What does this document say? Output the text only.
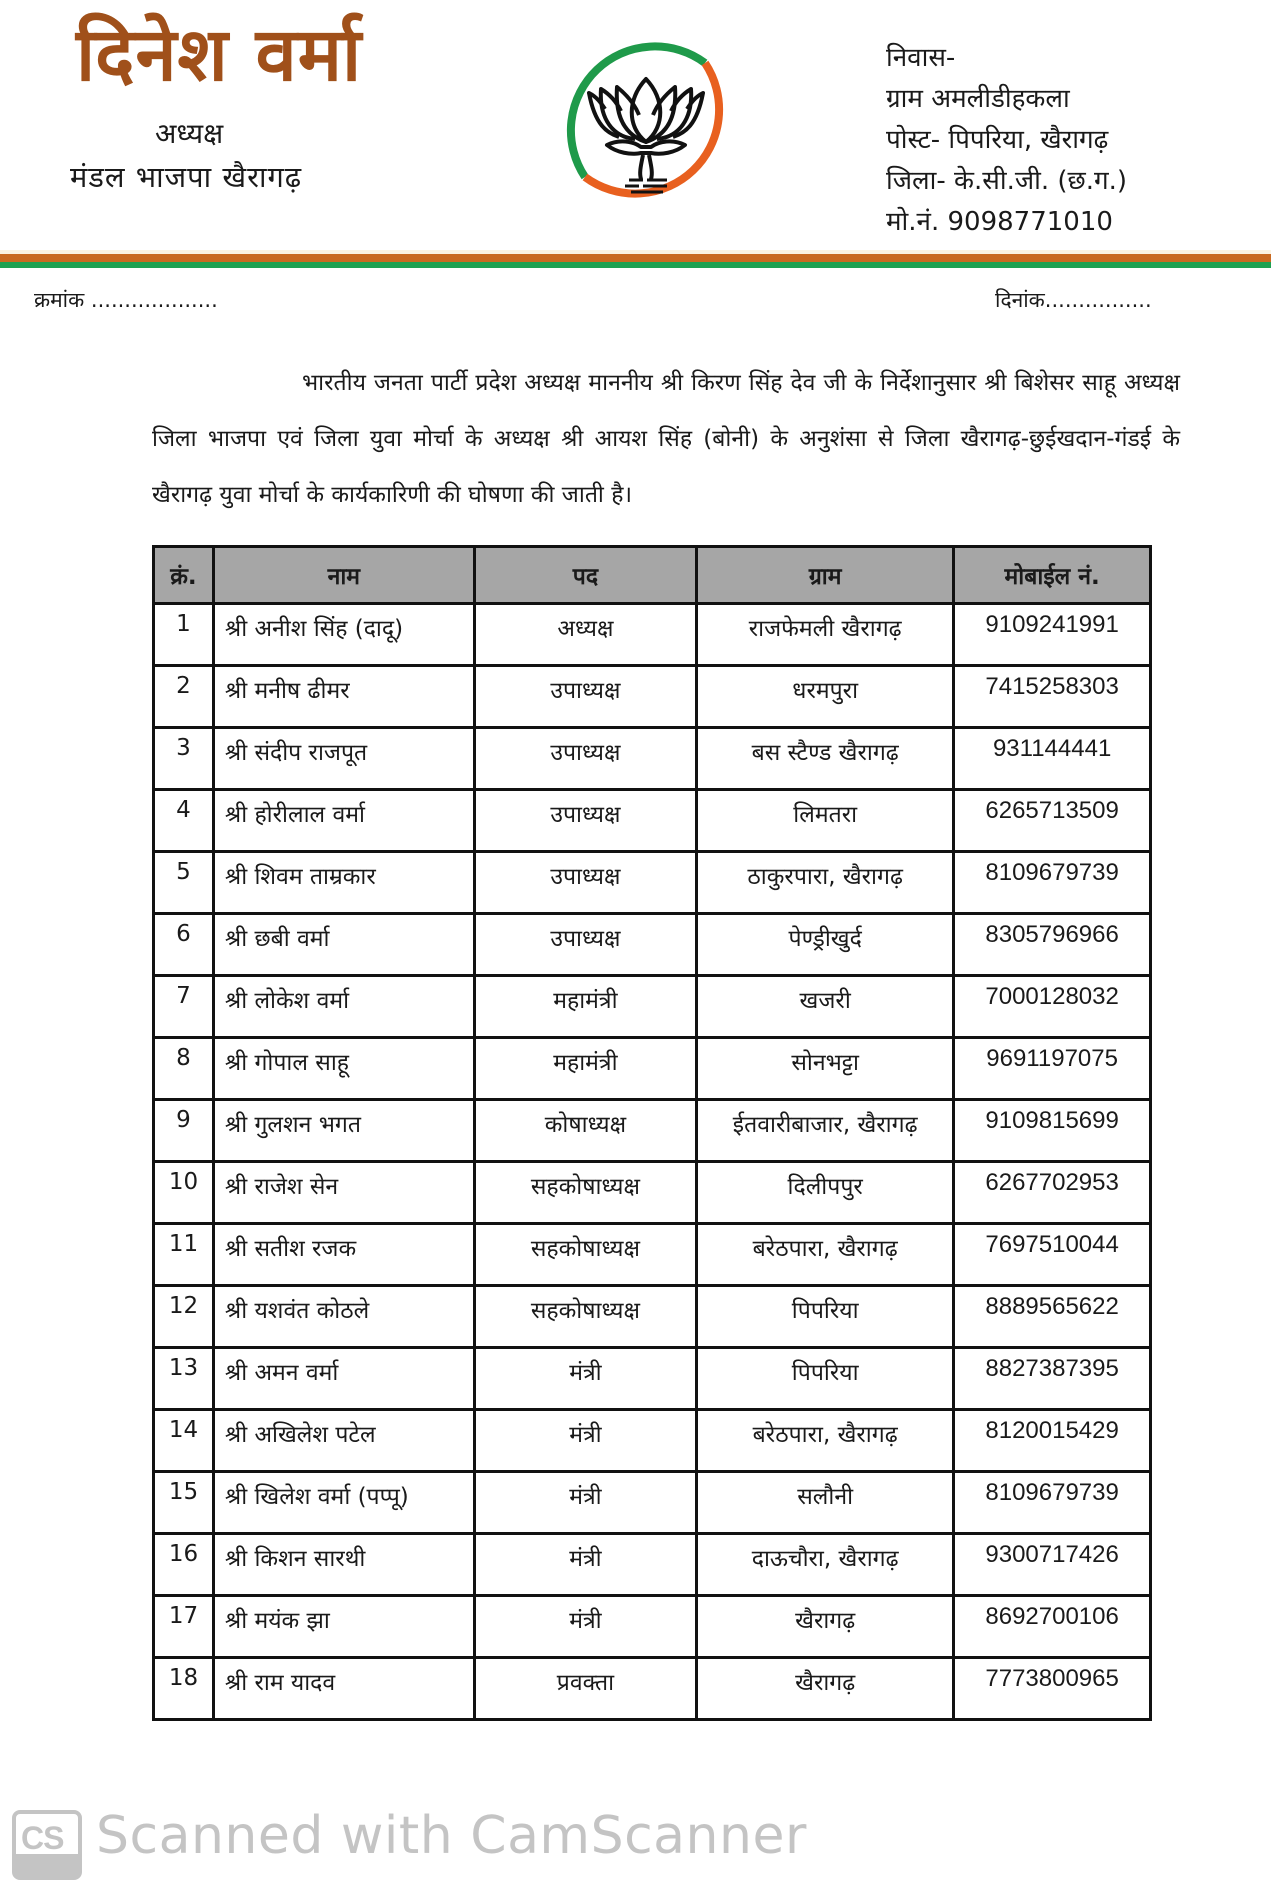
दिनेश वर्मा
अध्यक्ष
मंडल भाजपा खैरागढ़
निवास-
ग्राम अमलीडीहकला
पोस्ट- पिपरिया, खैरागढ़
जिला- के.सी.जी. (छ.ग.)
मो.नं. 9098771010
क्रमांक ...................	दिनांक................
भारतीय जनता पार्टी प्रदेश अध्यक्ष माननीय श्री किरण सिंह देव जी के निर्देशानुसार श्री बिशेसर साहू अध्यक्ष जिला भाजपा एवं जिला युवा मोर्चा के अध्यक्ष श्री आयश सिंह (बोनी) के अनुशंसा से जिला खैरागढ़-छुईखदान-गंडई के खैरागढ़ युवा मोर्चा के कार्यकारिणी की घोषणा की जाती है।
क्रं.	नाम	पद	ग्राम	मोबाईल नं.
1	श्री अनीश सिंह (दादू)	अध्यक्ष	राजफेमली खैरागढ़	9109241991
2	श्री मनीष ढीमर	उपाध्यक्ष	धरमपुरा	7415258303
3	श्री संदीप राजपूत	उपाध्यक्ष	बस स्टैण्ड खैरागढ़	931144441
4	श्री होरीलाल वर्मा	उपाध्यक्ष	लिमतरा	6265713509
5	श्री शिवम ताम्रकार	उपाध्यक्ष	ठाकुरपारा, खैरागढ़	8109679739
6	श्री छबी वर्मा	उपाध्यक्ष	पेण्ड्रीखुर्द	8305796966
7	श्री लोकेश वर्मा	महामंत्री	खजरी	7000128032
8	श्री गोपाल साहू	महामंत्री	सोनभट्टा	9691197075
9	श्री गुलशन भगत	कोषाध्यक्ष	ईतवारीबाजार, खैरागढ़	9109815699
10	श्री राजेश सेन	सहकोषाध्यक्ष	दिलीपपुर	6267702953
11	श्री सतीश रजक	सहकोषाध्यक्ष	बरेठपारा, खैरागढ़	7697510044
12	श्री यशवंत कोठले	सहकोषाध्यक्ष	पिपरिया	8889565622
13	श्री अमन वर्मा	मंत्री	पिपरिया	8827387395
14	श्री अखिलेश पटेल	मंत्री	बरेठपारा, खैरागढ़	8120015429
15	श्री खिलेश वर्मा (पप्पू)	मंत्री	सलौनी	8109679739
16	श्री किशन सारथी	मंत्री	दाऊचौरा, खैरागढ़	9300717426
17	श्री मयंक झा	मंत्री	खैरागढ़	8692700106
18	श्री राम यादव	प्रवक्ता	खैरागढ़	7773800965
CS Scanned with CamScanner
